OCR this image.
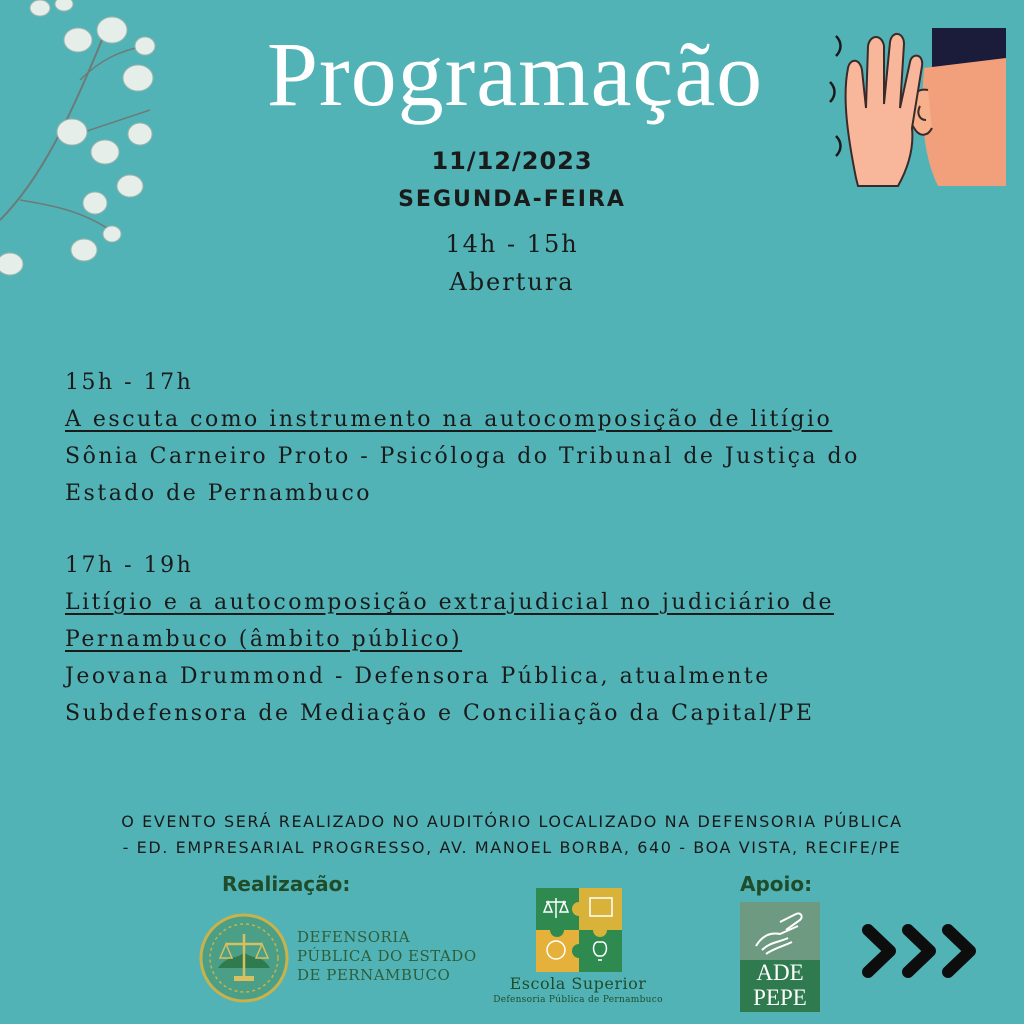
Programação
11/12/2023
SEGUNDA-FEIRA
14h - 15h
Abertura
15h - 17h
A escuta como instrumento na autocomposição de litígio
Sônia Carneiro Proto - Psicóloga do Tribunal de Justiça do
Estado de Pernambuco
17h - 19h
Litígio e a autocomposição extrajudicial no judiciário de
Pernambuco (âmbito público)
Jeovana Drummond - Defensora Pública, atualmente
Subdefensora de Mediação e Conciliação da Capital/PE
O EVENTO SERÁ REALIZADO NO AUDITÓRIO LOCALIZADO NA DEFENSORIA PÚBLICA
- ED. EMPRESARIAL PROGRESSO, AV. MANOEL BORBA, 640 - BOA VISTA, RECIFE/PE
Realização:	Apoio:
DEFENSORIA
PÚBLICA DO ESTADO
DE PERNAMBUCO	Escola Superior
Defensoria Pública de Pernambuco
ADE
PEPE
